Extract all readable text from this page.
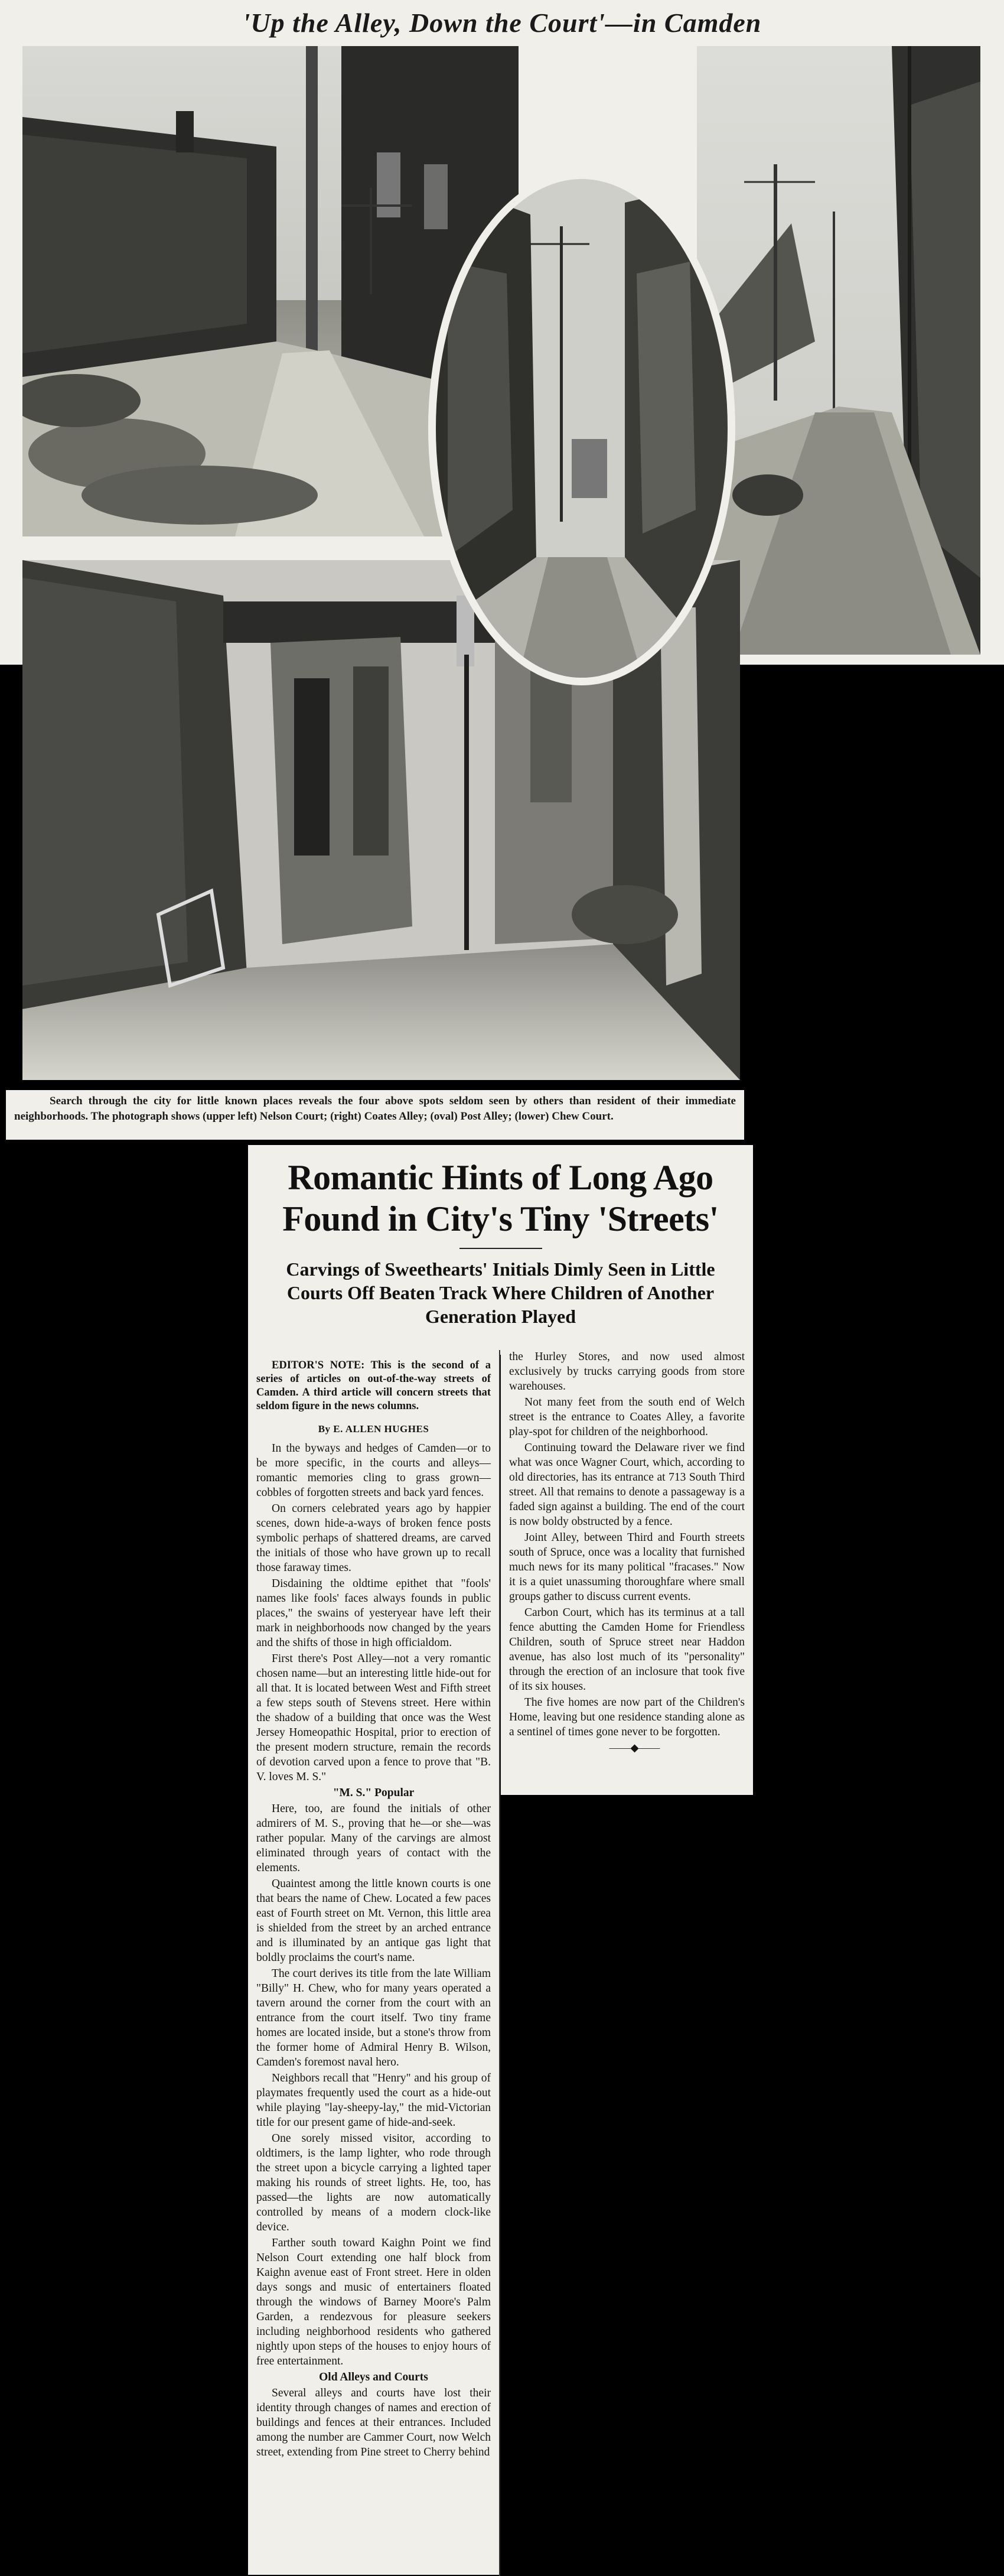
'Up the Alley, Down the Court'—in Camden
Search through the city for little known places reveals the four above spots seldom seen by others than resident of their immediate neighborhoods. The photograph shows (upper left) Nelson Court; (right) Coates Alley; (oval) Post Alley; (lower) Chew Court.
Romantic Hints of Long Ago Found in City's Tiny 'Streets'
Carvings of Sweethearts' Initials Dimly Seen in Little Courts Off Beaten Track Where Children of Another Generation Played

EDITOR'S NOTE: This is the second of a series of articles on out-of-the-way streets of Camden. A third article will concern streets that seldom figure in the news columns.

By E. ALLEN HUGHES

In the byways and hedges of Camden—or to be more specific, in the courts and alleys—romantic memories cling to grass grown— cobbles of forgotten streets and back yard fences.

On corners celebrated years ago by happier scenes, down hide-a-ways of broken fence posts symbolic perhaps of shattered dreams, are carved the initials of those who have grown up to recall those faraway times.

Disdaining the oldtime epithet that "fools' names like fools' faces always founds in public places," the swains of yesteryear have left their mark in neighborhoods now changed by the years and the shifts of those in high officialdom.

First there's Post Alley—not a very romantic chosen name—but an interesting little hide-out for all that. It is located between West and Fifth street a few steps south of Stevens street. Here within the shadow of a building that once was the West Jersey Homeopathic Hospital, prior to erection of the present modern structure, remain the records of devotion carved upon a fence to prove that "B. V. loves M. S."

"M. S." Popular

Here, too, are found the initials of other admirers of M. S., proving that he—or she—was rather popular. Many of the carvings are almost eliminated through years of contact with the elements.

Quaintest among the little known courts is one that bears the name of Chew. Located a few paces east of Fourth street on Mt. Vernon, this little area is shielded from the street by an arched entrance and is illuminated by an antique gas light that boldly proclaims the court's name.

The court derives its title from the late William "Billy" H. Chew, who for many years operated a tavern around the corner from the court with an entrance from the court itself. Two tiny frame homes are located inside, but a stone's throw from the former home of Admiral Henry B. Wilson, Camden's foremost naval hero.

Neighbors recall that "Henry" and his group of playmates frequently used the court as a hide-out while playing "lay-sheepy-lay," the mid-Victorian title for our present game of hide-and-seek.

One sorely missed visitor, according to oldtimers, is the lamp lighter, who rode through the street upon a bicycle carrying a lighted taper making his rounds of street lights. He, too, has passed—the lights are now automatically controlled by means of a modern clock-like device.

Farther south toward Kaighn Point we find Nelson Court extending one half block from Kaighn avenue east of Front street. Here in olden days songs and music of entertainers floated through the windows of Barney Moore's Palm Garden, a rendezvous for pleasure seekers including neighborhood residents who gathered nightly upon steps of the houses to enjoy hours of free entertainment.

Old Alleys and Courts

Several alleys and courts have lost their identity through changes of names and erection of buildings and fences at their entrances. Included among the number are Cammer Court, now Welch street, extending from Pine street to Cherry behind

the Hurley Stores, and now used almost exclusively by trucks carrying goods from store warehouses.

Not many feet from the south end of Welch street is the entrance to Coates Alley, a favorite play-spot for children of the neighborhood.

Continuing toward the Delaware river we find what was once Wagner Court, which, according to old directories, has its entrance at 713 South Third street. All that remains to denote a passageway is a faded sign against a building. The end of the court is now boldy obstructed by a fence.

Joint Alley, between Third and Fourth streets south of Spruce, once was a locality that furnished much news for its many political "fracases." Now it is a quiet unassuming thoroughfare where small groups gather to discuss current events.

Carbon Court, which has its terminus at a tall fence abutting the Camden Home for Friendless Children, south of Spruce street near Haddon avenue, has also lost much of its "personality" through the erection of an inclosure that took five of its six houses.

The five homes are now part of the Children's Home, leaving but one residence standing alone as a sentinel of times gone never to be forgotten.

——◆——
